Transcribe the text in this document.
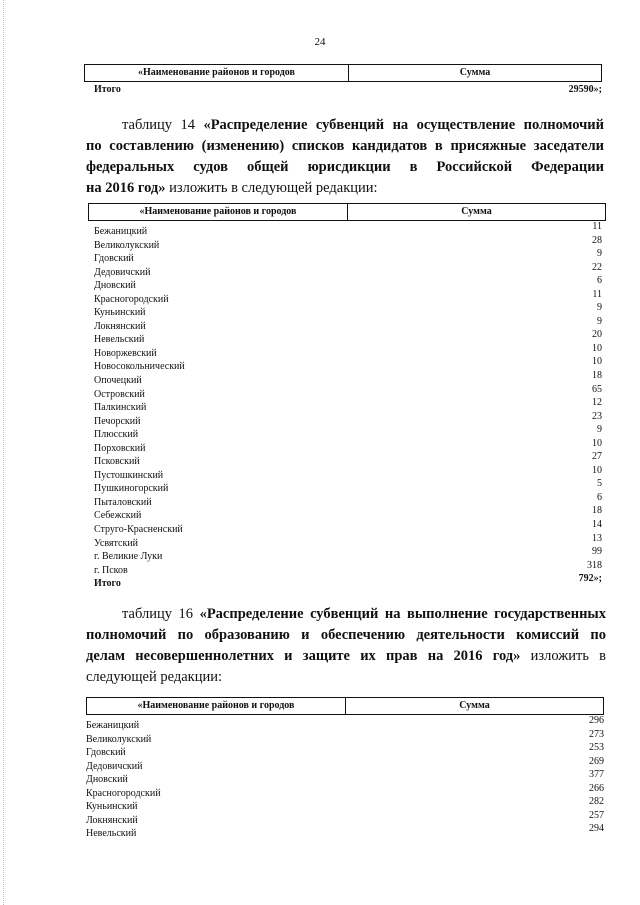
24
«Наименование районов и городов	Сумма
Итого	29590»;
таблицу 14 «Распределение субвенций на осуществление полномочий
по составлению (изменению) списков кандидатов в присяжные заседатели
федеральных судов общей юрисдикции в Российской Федерации
на 2016 год» изложить в следующей редакции:
«Наименование районов и городов	Сумма
Бежаницкий	11
Великолукский	28
Гдовский	9
Дедовичский	22
Дновский	6
Красногородский	11
Куньинский	9
Локнянский	9
Невельский	20
Новоржевский	10
Новосокольнический	10
Опочецкий	18
Островский	65
Палкинский	12
Печорский	23
Плюсский	9
Порховский	10
Псковский	27
Пустошкинский	10
Пушкиногорский	5
Пыталовский	6
Себежский	18
Струго-Красненский	14
Усвятский	13
г. Великие Луки	99
г. Псков	318
Итого	792»;
таблицу 16 «Распределение субвенций на выполнение государственных
полномочий по образованию и обеспечению деятельности комиссий по
делам несовершеннолетних и защите их прав на 2016 год» изложить в
следующей редакции:
«Наименование районов и городов	Сумма
Бежаницкий	296
Великолукский	273
Гдовский	253
Дедовичский	269
Дновский	377
Красногородский	266
Куньинский	282
Локнянский	257
Невельский	294
